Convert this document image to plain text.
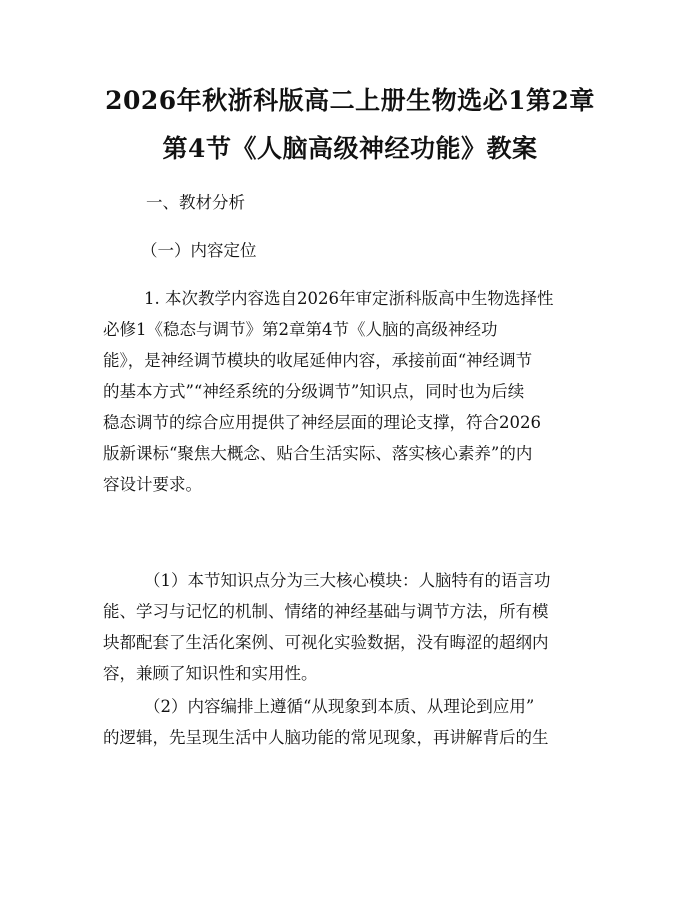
2026年秋浙科版高二上册生物选必1第2章
第4节《人脑高级神经功能》教案
一、教材分析
（一）内容定位
1. 本次教学内容选自2026年审定浙科版高中生物选择性
必修1《稳态与调节》第2章第4节《人脑的高级神经功
能》，是神经调节模块的收尾延伸内容，承接前面“神经调节
的基本方式”“神经系统的分级调节”知识点，同时也为后续
稳态调节的综合应用提供了神经层面的理论支撑，符合2026
版新课标“聚焦大概念、贴合生活实际、落实核心素养”的内
容设计要求。
（1）本节知识点分为三大核心模块：人脑特有的语言功
能、学习与记忆的机制、情绪的神经基础与调节方法，所有模
块都配套了生活化案例、可视化实验数据，没有晦涩的超纲内
容，兼顾了知识性和实用性。
（2）内容编排上遵循“从现象到本质、从理论到应用”
的逻辑，先呈现生活中人脑功能的常见现象，再讲解背后的生
